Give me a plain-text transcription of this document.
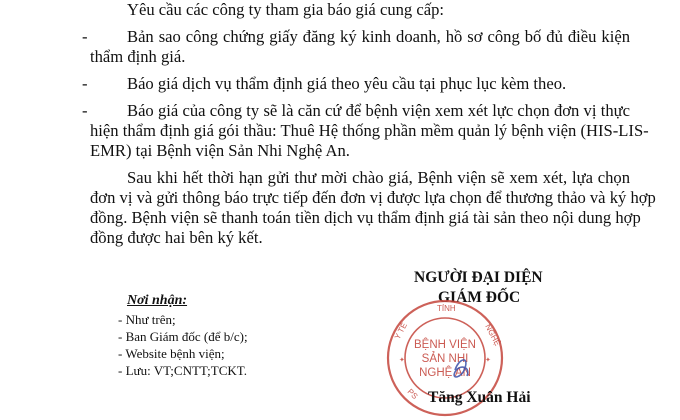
Yêu cầu các công ty tham gia báo giá cung cấp:
- Bản sao công chứng giấy đăng ký kinh doanh, hồ sơ công bố đủ điều kiện
thẩm định giá.
- Báo giá dịch vụ thẩm định giá theo yêu cầu tại phục lục kèm theo.
- Báo giá của công ty sẽ là căn cứ để bệnh viện xem xét lực chọn đơn vị thực
hiện thẩm định giá gói thầu: Thuê Hệ thống phần mềm quản lý bệnh viện (HIS-LIS-
EMR) tại Bệnh viện Sản Nhi Nghệ An.
Sau khi hết thời hạn gửi thư mời chào giá, Bệnh viện sẽ xem xét, lựa chọn
đơn vị và gửi thông báo trực tiếp đến đơn vị được lựa chọn để thương thảo và ký hợp
đồng. Bệnh viện sẽ thanh toán tiền dịch vụ thẩm định giá tài sản theo nội dung hợp
đồng được hai bên ký kết.
Nơi nhận:
- Như trên;
- Ban Giám đốc (để b/c);
- Website bệnh viện;
- Lưu: VT;CNTT;TCKT.
NGƯỜI ĐẠI DIỆN
GIÁM ĐỐC
✦	✦
TỈNH
Y TẾ	NGHỆ
PS
BỆNH VIỆN
SẢN NHI
NGHỆ AN
Tăng Xuân Hải
